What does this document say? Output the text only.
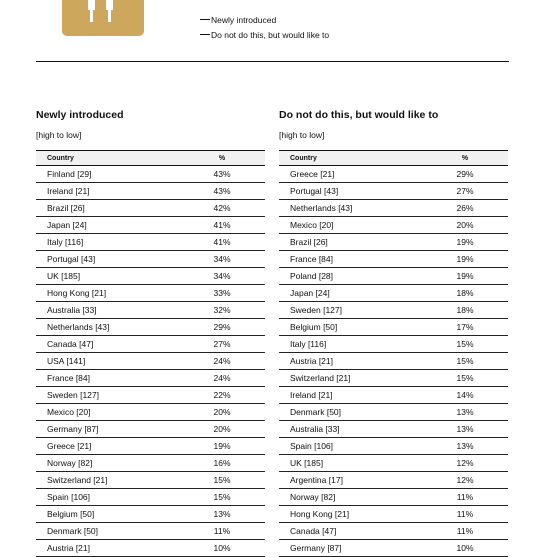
Newly introduced
Do not do this, but would like to
Newly introduced
[high to low]
Country	%
Finland [29]	43%
Ireland [21]	43%
Brazil [26]	42%
Japan [24]	41%
Italy [116]	41%
Portugal [43]	34%
UK [185]	34%
Hong Kong [21]	33%
Australia [33]	32%
Netherlands [43]	29%
Canada [47]	27%
USA [141]	24%
France [84]	24%
Sweden [127]	22%
Mexico [20]	20%
Germany [87]	20%
Greece [21]	19%
Norway [82]	16%
Switzerland [21]	15%
Spain [106]	15%
Belgium [50]	13%
Denmark [50]	11%
Austria [21]	10%
Do not do this, but would like to
[high to low]
Country	%
Greece [21]	29%
Portugal [43]	27%
Netherlands [43]	26%
Mexico [20]	20%
Brazil [26]	19%
France [84]	19%
Poland [28]	19%
Japan [24]	18%
Sweden [127]	18%
Belgium [50]	17%
Italy [116]	15%
Austria [21]	15%
Switzerland [21]	15%
Ireland [21]	14%
Denmark [50]	13%
Australia [33]	13%
Spain [106]	13%
UK [185]	12%
Argentina [17]	12%
Norway [82]	11%
Hong Kong [21]	11%
Canada [47]	11%
Germany [87]	10%
